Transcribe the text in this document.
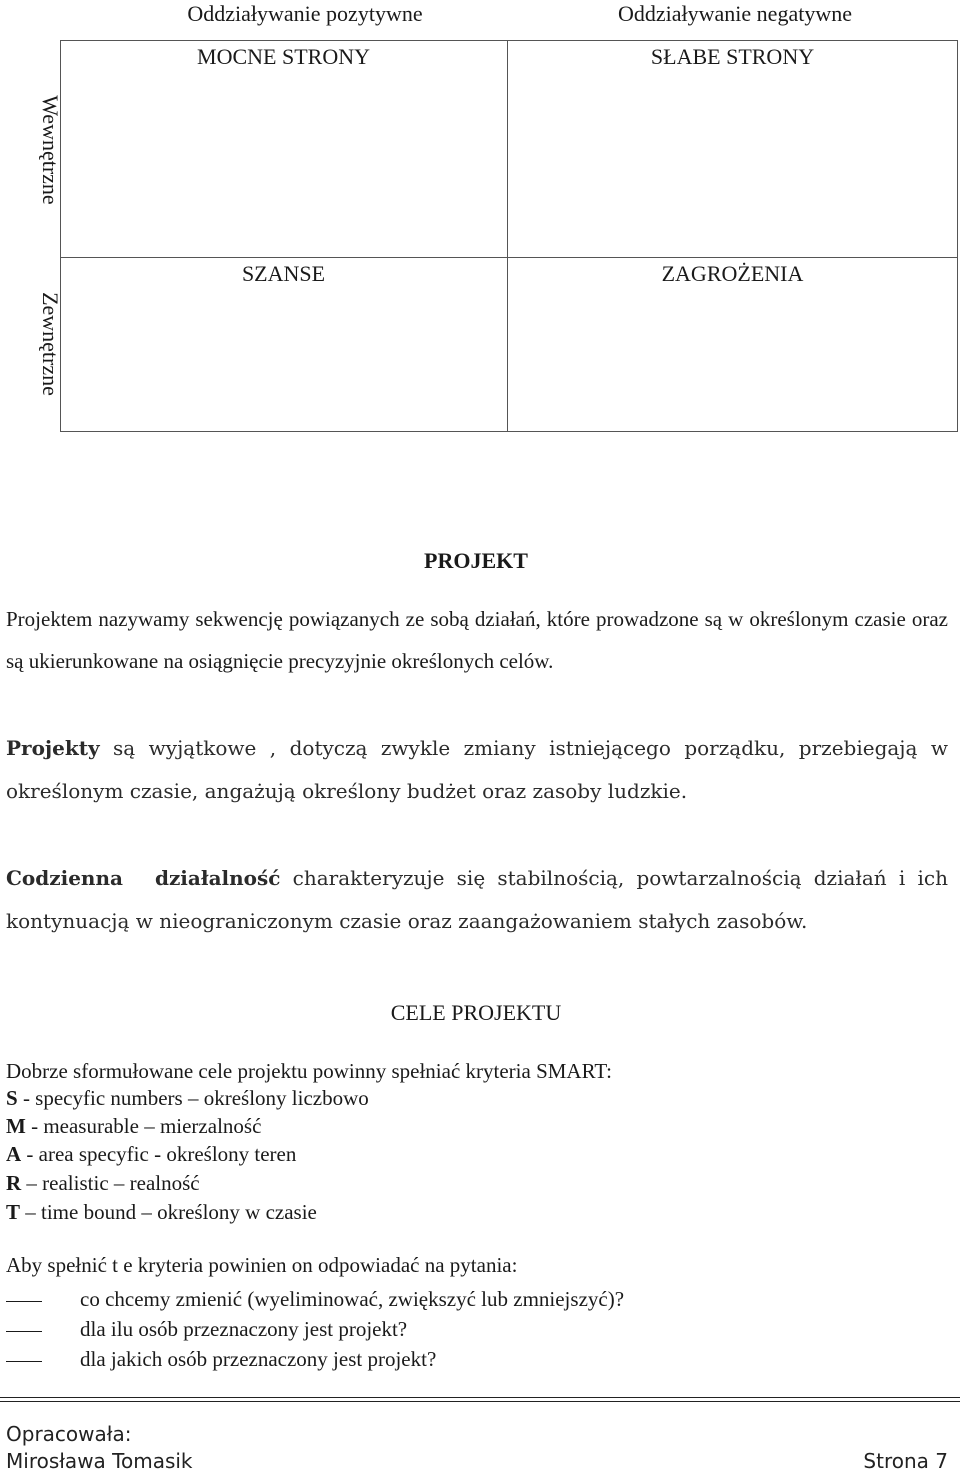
Oddziaływanie pozytywne	Oddziaływanie negatywne
Wewnętrzne
Zewnętrzne
MOCNE STRONY	SŁABE STRONY
SZANSE	ZAGROŻENIA
PROJEKT
Projektem nazywamy sekwencję powiązanych ze sobą działań, które prowadzone są w określonym czasie oraz są ukierunkowane na osiągnięcie precyzyjnie określonych celów.
Projekty są wyjątkowe , dotyczą zwykle zmiany istniejącego porządku, przebiegają w określonym czasie, angażują określony budżet oraz zasoby ludzkie.
Codzienna działalność charakteryzuje się stabilnością, powtarzalnością działań i ich kontynuacją w nieograniczonym czasie oraz zaangażowaniem stałych zasobów.
CELE PROJEKTU
Dobrze sformułowane cele projektu powinny spełniać kryteria SMART:
S - specyfic numbers – określony liczbowo
M - measurable – mierzalność
A - area specyfic - określony teren
R – realistic – realność
T – time bound – określony w czasie
Aby spełnić t e kryteria powinien on odpowiadać na pytania:
co chcemy zmienić (wyeliminować, zwiększyć lub zmniejszyć)?
dla ilu osób przeznaczony jest projekt?
dla jakich osób przeznaczony jest projekt?
Opracowała:
Mirosława Tomasik	Strona 7
